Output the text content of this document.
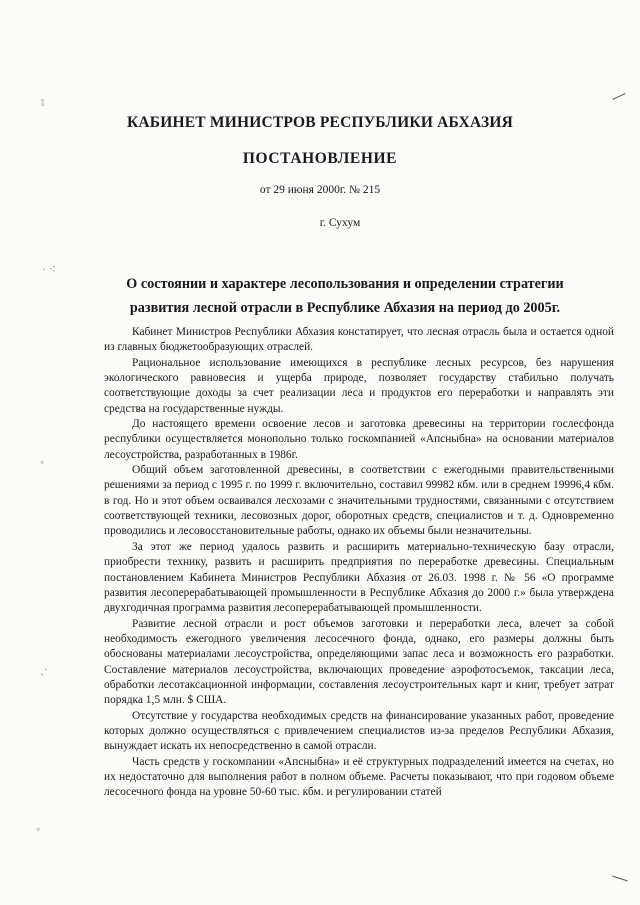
◦◦
· ⁖
◦
ˎ·
◦
КАБИНЕТ МИНИСТРОВ РЕСПУБЛИКИ АБХАЗИЯ
ПОСТАНОВЛЕНИЕ
от 29 июня 2000г. № 215
г. Сухум
О состоянии и характере лесопользования и определении стратегии
развития лесной отрасли в Республике Абхазия на период до 2005г.

Кабинет Министров Республики Абхазия констатирует, что лесная отрасль была и остается одной из главных бюджетообразующих отраслей.

Рациональное использование имеющихся в республике лесных ресурсов, без нарушения экологического равновесия и ущерба природе, позволяет государству стабильно получать соответствующие доходы за счет реализации леса и продуктов его переработки и направлять эти средства на государственные нужды.

До настоящего времени освоение лесов и заготовка древесины на территории гослесфонда республики осуществляется монопольно только госкомпанией «Апсныбна» на основании материалов лесоустройства, разработанных в 1986г.

Общий объем заготовленной древесины, в соответствии с ежегодными правительственными решениями за период с 1995 г. по 1999 г. включительно, составил 99982 кбм. или в среднем 19996,4 кбм. в год. Но и этот объем осваивался лесхозами с значительными трудностями, связанными с отсутствием соответствующей техники, лесовозных дорог, оборотных средств, специалистов и т. д. Одновременно проводились и лесовосстановительные работы, однако их объемы были незначительны.

За этот же период удалось развить и расширить материально-техническую базу отрасли, приобрести технику, развить и расширить предприятия по переработке древесины. Специальным постановлением Кабинета Министров Республики Абхазия от 26.03. 1998 г. № 56 «О программе развития лесоперерабатывающей промышленности в Республике Абхазия до 2000 г.» была утверждена двухгодичная программа развития лесоперерабатывающей промышленности.

Развитие лесной отрасли и рост объемов заготовки и переработки леса, влечет за собой необходимость ежегодного увеличения лесосечного фонда, однако, его размеры должны быть обоснованы материалами лесоустройства, определяющими запас леса и возможность его разработки. Составление материалов лесоустройства, включающих проведение аэрофотосъемок, таксации леса, обработки лесотаксационной информации, составления лесоустроительных карт и книг, требует затрат порядка 1,5 млн. $ США.

Отсутствие у государства необходимых средств на финансирование указанных работ, проведение которых должно осуществляться с привлечением специалистов из-за пределов Республики Абхазия, вынуждает искать их непосредственно в самой отрасли.

Часть средств у госкомпании «Апсныбна» и её структурных подразделений имеется на счетах, но их недостаточно для выполнения работ в полном объеме. Расчеты показывают, что при годовом объеме лесосечного фонда на уровне 50-60 тыс. кбм. и регулировании статей
